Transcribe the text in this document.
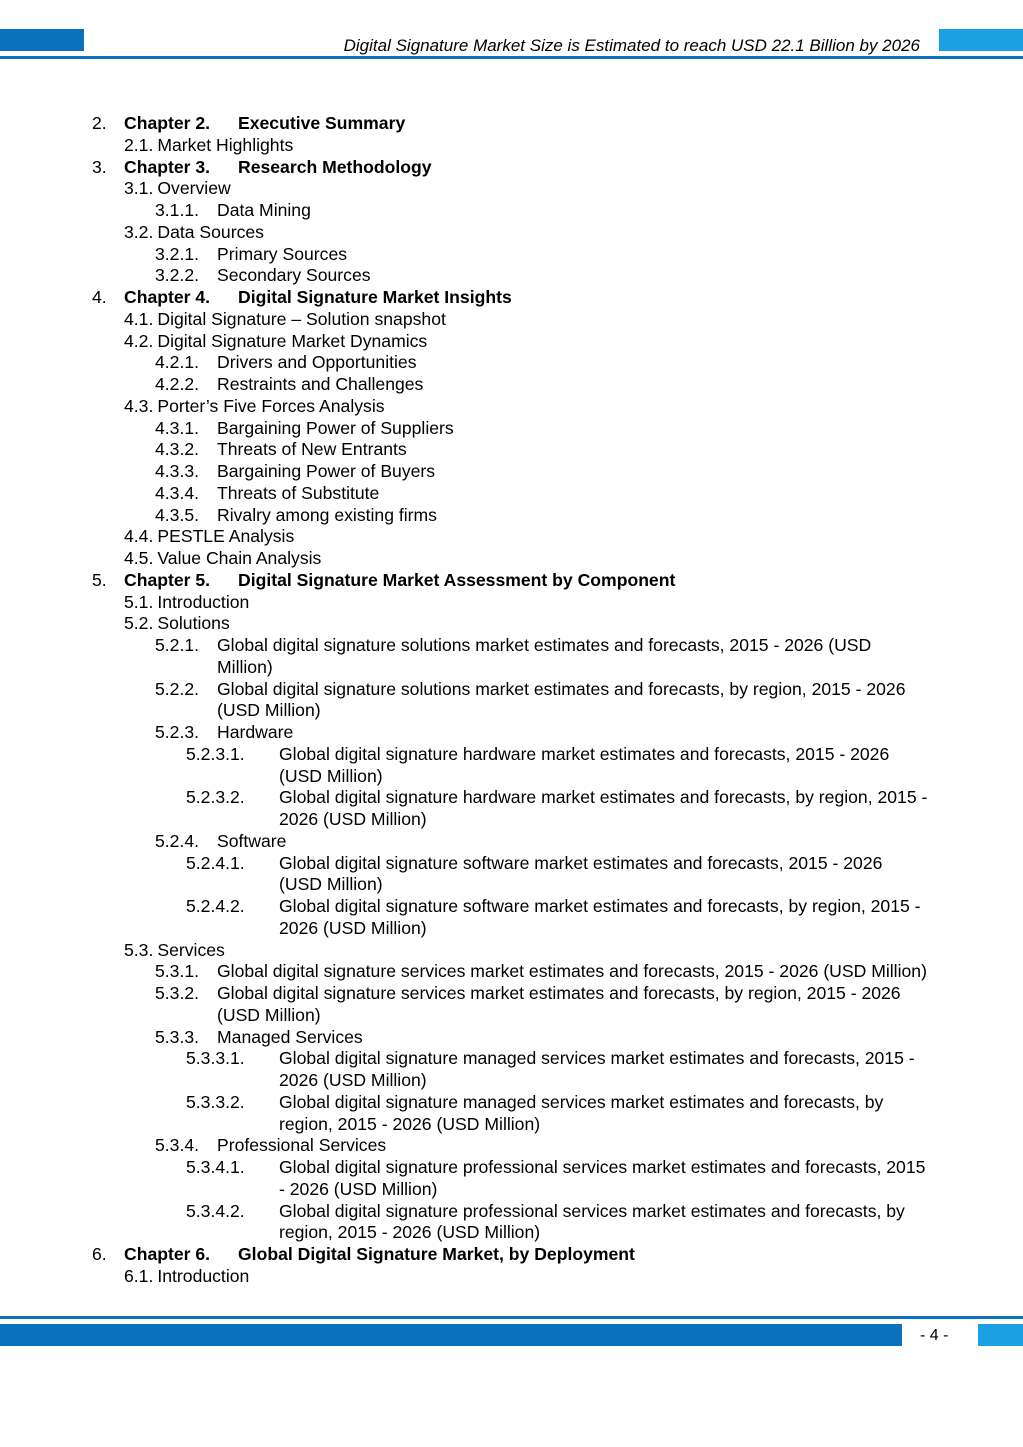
Digital Signature Market Size is Estimated to reach USD 22.1 Billion by 2026
2. Chapter 2. Executive Summary
2.1. Market Highlights
3. Chapter 3. Research Methodology
3.1. Overview
3.1.1.	Data Mining
3.2. Data Sources
3.2.1.	Primary Sources
3.2.2.	Secondary Sources
4. Chapter 4. Digital Signature Market Insights
4.1. Digital Signature – Solution snapshot
4.2. Digital Signature Market Dynamics
4.2.1.	Drivers and Opportunities
4.2.2.	Restraints and Challenges
4.3. Porter’s Five Forces Analysis
4.3.1.	Bargaining Power of Suppliers
4.3.2.	Threats of New Entrants
4.3.3.	Bargaining Power of Buyers
4.3.4.	Threats of Substitute
4.3.5.	Rivalry among existing firms
4.4. PESTLE Analysis
4.5. Value Chain Analysis
5. Chapter 5. Digital Signature Market Assessment by Component
5.1. Introduction
5.2. Solutions
5.2.1.	Global digital signature solutions market estimates and forecasts, 2015 - 2026 (USD Million)
5.2.2.	Global digital signature solutions market estimates and forecasts, by region, 2015 - 2026 (USD Million)
5.2.3.	Hardware
5.2.3.1.	Global digital signature hardware market estimates and forecasts, 2015 - 2026 (USD Million)
5.2.3.2.	Global digital signature hardware market estimates and forecasts, by region, 2015 - 2026 (USD Million)
5.2.4.	Software
5.2.4.1.	Global digital signature software market estimates and forecasts, 2015 - 2026 (USD Million)
5.2.4.2.	Global digital signature software market estimates and forecasts, by region, 2015 - 2026 (USD Million)
5.3. Services
5.3.1.	Global digital signature services market estimates and forecasts, 2015 - 2026 (USD Million)
5.3.2.	Global digital signature services market estimates and forecasts, by region, 2015 - 2026 (USD Million)
5.3.3.	Managed Services
5.3.3.1.	Global digital signature managed services market estimates and forecasts, 2015 - 2026 (USD Million)
5.3.3.2.	Global digital signature managed services market estimates and forecasts, by region, 2015 - 2026 (USD Million)
5.3.4.	Professional Services
5.3.4.1.	Global digital signature professional services market estimates and forecasts, 2015 - 2026 (USD Million)
5.3.4.2.	Global digital signature professional services market estimates and forecasts, by region, 2015 - 2026 (USD Million)
6. Chapter 6. Global Digital Signature Market, by Deployment
6.1. Introduction
- 4 -
